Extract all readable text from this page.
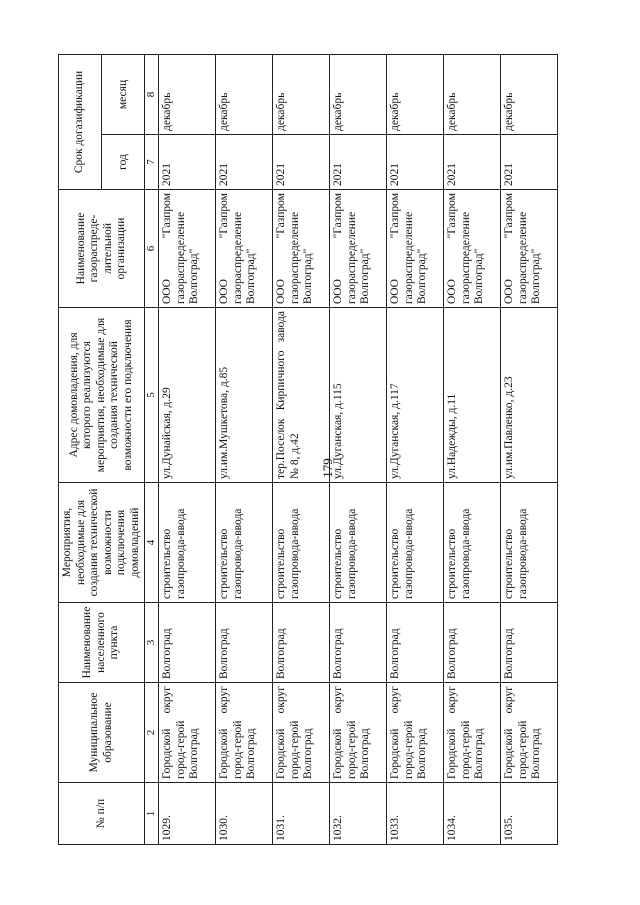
179
№ п/п	Муниципальное образование	Наименование населенного пункта	Мероприятия, необходимые для создания технической возможности подключения домовладений	Адрес домовладения, для которого реализуются мероприятия, необходимые для создания технической возможности его подключения	Наименование газораспреде-лительной организации	Срок догазификации	
						год	месяц
1	2	3	4	5	6	7	8
1029.	Городской округ город-герой Волгоград	Волгоград	строительство газопровода-ввода	ул.Дунайская, д.29	ООО "Газпром газораспределение Волгоград"	2021	декабрь
1030.	Городской округ город-герой Волгоград	Волгоград	строительство газопровода-ввода	ул.им.Мушкетова, д.85	ООО "Газпром газораспределение Волгоград"	2021	декабрь
1031.	Городской округ город-герой Волгоград	Волгоград	строительство газопровода-ввода	тер.Поселок Кирпичного завода № 8, д.42	ООО "Газпром газораспределение Волгоград"	2021	декабрь
1032.	Городской округ город-герой Волгоград	Волгоград	строительство газопровода-ввода	ул.Дуганская, д.115	ООО "Газпром газораспределение Волгоград"	2021	декабрь
1033.	Городской округ город-герой Волгоград	Волгоград	строительство газопровода-ввода	ул.Дуганская, д.117	ООО "Газпром газораспределение Волгоград"	2021	декабрь
1034.	Городской округ город-герой Волгоград	Волгоград	строительство газопровода-ввода	ул.Надежды, д.11	ООО "Газпром газораспределение Волгоград"	2021	декабрь
1035.	Городской округ город-герой Волгоград	Волгоград	строительство газопровода-ввода	ул.им.Павленко, д.23	ООО "Газпром газораспределение Волгоград"	2021	декабрь
